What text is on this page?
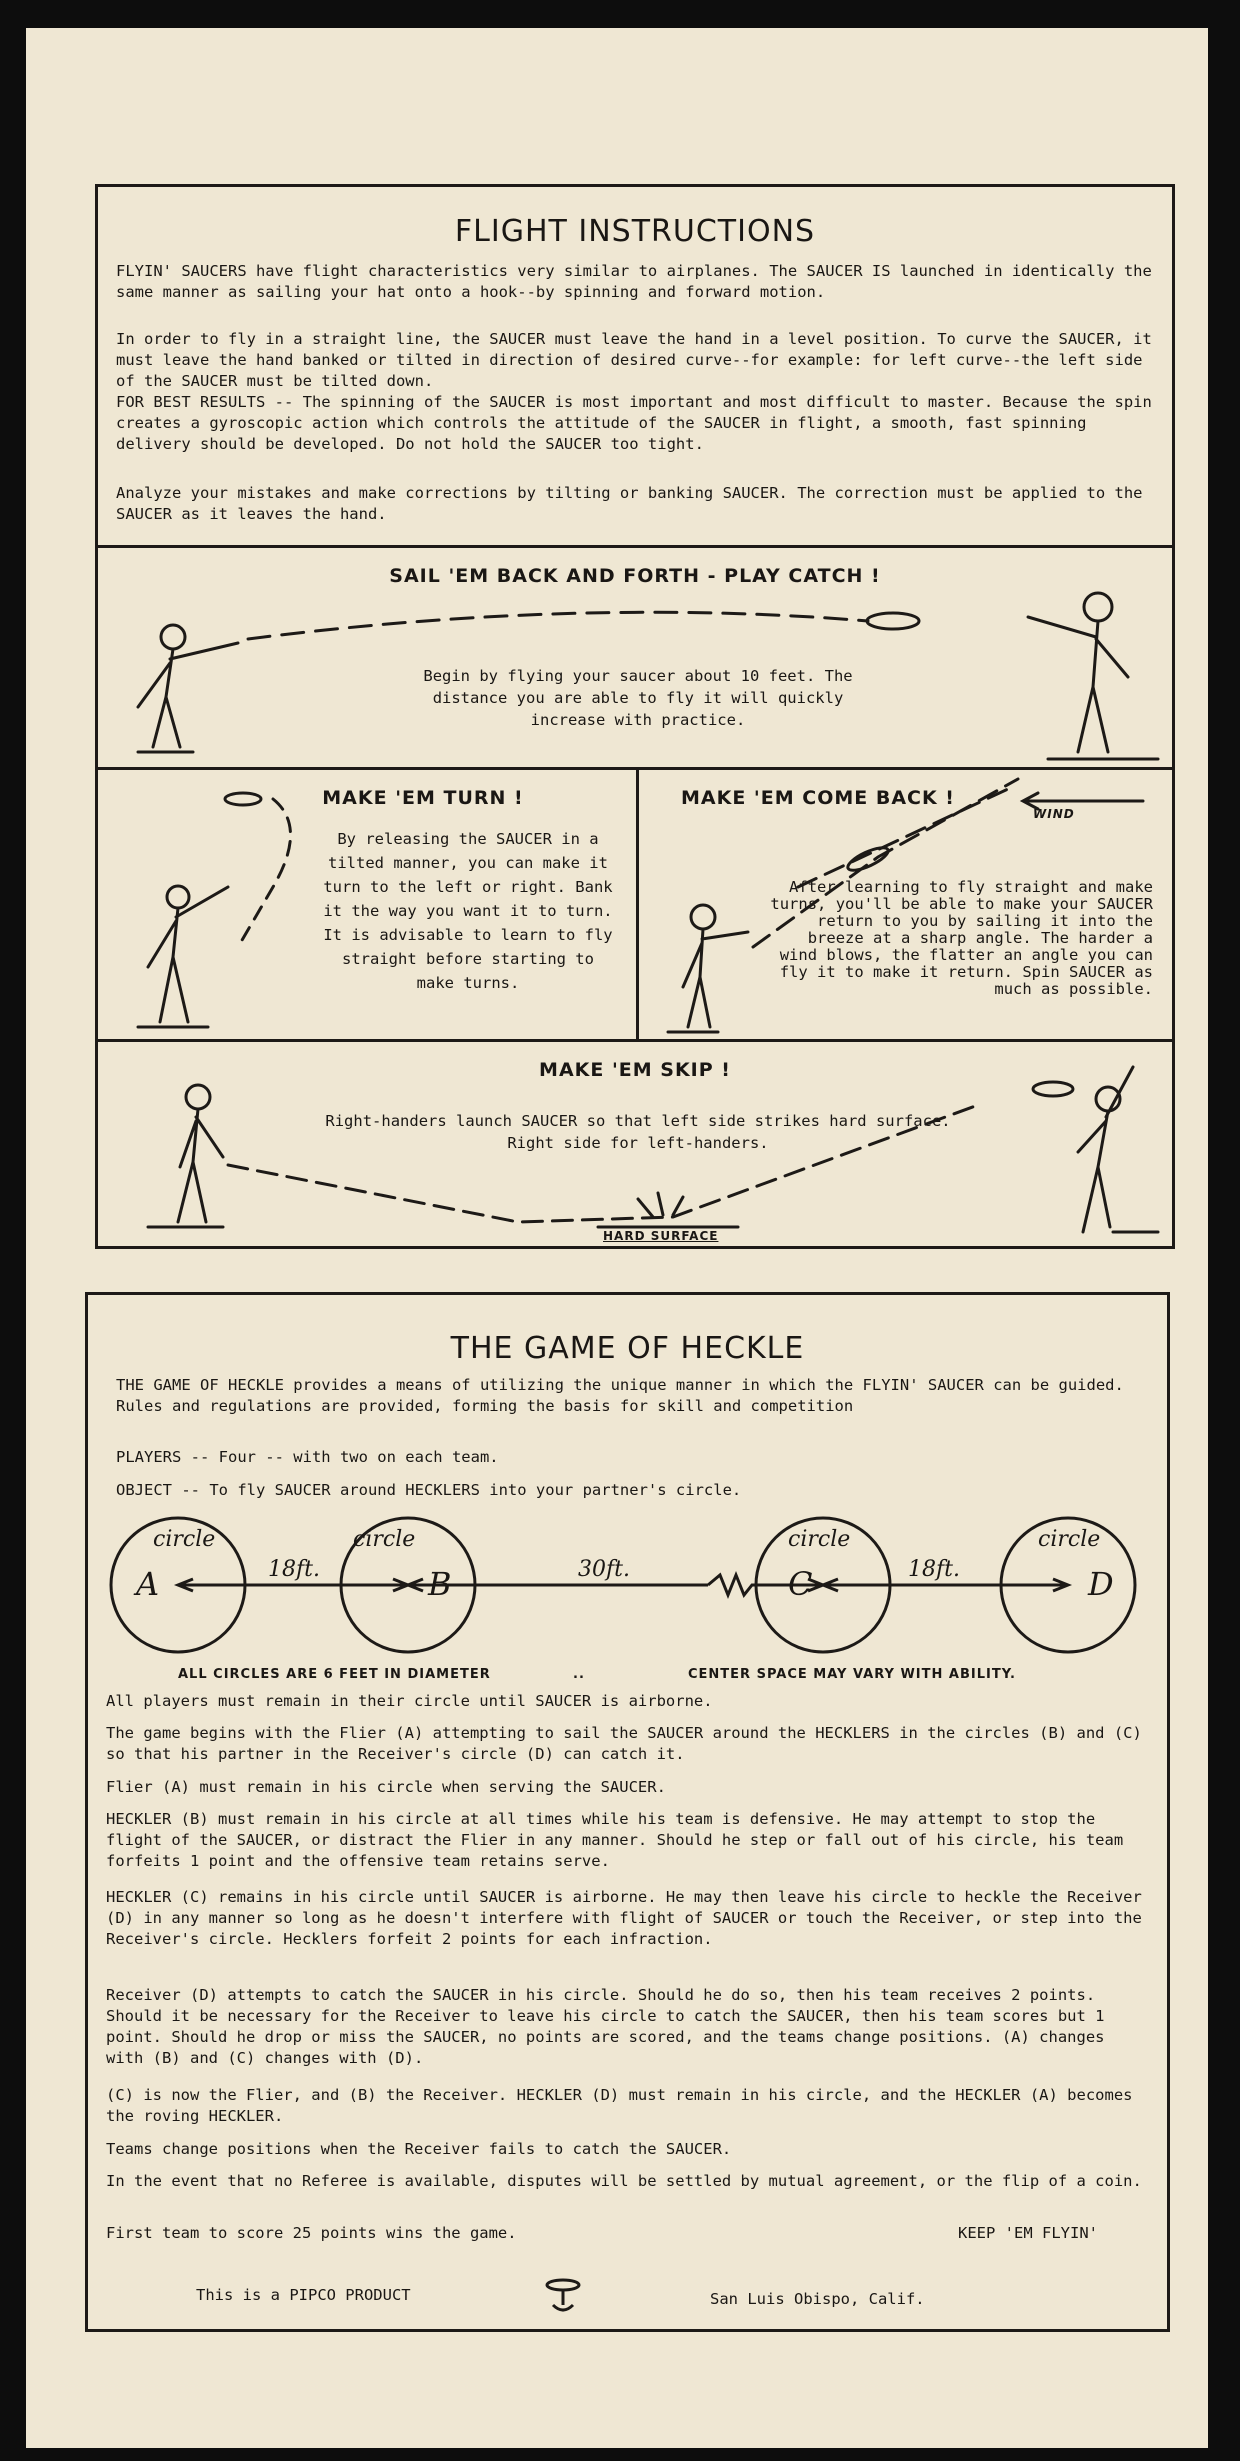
FLIGHT INSTRUCTIONS

FLYIN' SAUCERS have flight characteristics very similar to airplanes. The SAUCER IS launched in identically the same manner as sailing your hat onto a hook--by spinning and forward motion.

In order to fly in a straight line, the SAUCER must leave the hand in a level position. To curve the SAUCER, it must leave the hand banked or tilted in direction of desired curve--for example: for left curve--the left side of the SAUCER must be tilted down.

FOR BEST RESULTS -- The spinning of the SAUCER is most important and most difficult to master. Because the spin creates a gyroscopic action which controls the attitude of the SAUCER in flight, a smooth, fast spinning delivery should be developed. Do not hold the SAUCER too tight.

Analyze your mistakes and make corrections by tilting or banking SAUCER. The correction must be applied to the SAUCER as it leaves the hand.

SAIL 'EM BACK AND FORTH - PLAY CATCH !

Begin by flying your saucer about 10 feet. The distance you are able to fly it will quickly increase with practice.

MAKE 'EM TURN !

By releasing the SAUCER in a tilted manner, you can make it turn to the left or right. Bank it the way you want it to turn. It is advisable to learn to fly straight before starting to make turns.

MAKE 'EM COME BACK !

After learning to fly straight and make turns, you'll be able to make your SAUCER return to you by sailing it into the breeze at a sharp angle. The harder a wind blows, the flatter an angle you can fly it to make it return. Spin SAUCER as much as possible.

WIND
MAKE 'EM SKIP !

Right-handers launch SAUCER so that left side strikes hard surface. Right side for left-handers.

HARD SURFACE
THE GAME OF HECKLE

THE GAME OF HECKLE provides a means of utilizing the unique manner in which the FLYIN' SAUCER can be guided. Rules and regulations are provided, forming the basis for skill and competition

PLAYERS -- Four -- with two on each team.

OBJECT -- To fly SAUCER around HECKLERS into your partner's circle.

circle	circle	circle	circle
A	B	C	D
18ft.	30ft.	18ft.
ALL CIRCLES ARE 6 FEET IN DIAMETER	..	CENTER SPACE MAY VARY WITH ABILITY.

All players must remain in their circle until SAUCER is airborne.

The game begins with the Flier (A) attempting to sail the SAUCER around the HECKLERS in the circles (B) and (C) so that his partner in the Receiver's circle (D) can catch it.

Flier (A) must remain in his circle when serving the SAUCER.

HECKLER (B) must remain in his circle at all times while his team is defensive. He may attempt to stop the flight of the SAUCER, or distract the Flier in any manner. Should he step or fall out of his circle, his team forfeits 1 point and the offensive team retains serve.

HECKLER (C) remains in his circle until SAUCER is airborne. He may then leave his circle to heckle the Receiver (D) in any manner so long as he doesn't interfere with flight of SAUCER or touch the Receiver, or step into the Receiver's circle. Hecklers forfeit 2 points for each infraction.

Receiver (D) attempts to catch the SAUCER in his circle. Should he do so, then his team receives 2 points. Should it be necessary for the Receiver to leave his circle to catch the SAUCER, then his team scores but 1 point. Should he drop or miss the SAUCER, no points are scored, and the teams change positions. (A) changes with (B) and (C) changes with (D).

(C) is now the Flier, and (B) the Receiver. HECKLER (D) must remain in his circle, and the HECKLER (A) becomes the roving HECKLER.

Teams change positions when the Receiver fails to catch the SAUCER.

In the event that no Referee is available, disputes will be settled by mutual agreement, or the flip of a coin.

First team to score 25 points wins the game.	KEEP 'EM FLYIN'

This is a PIPCO PRODUCT	San Luis Obispo, Calif.
